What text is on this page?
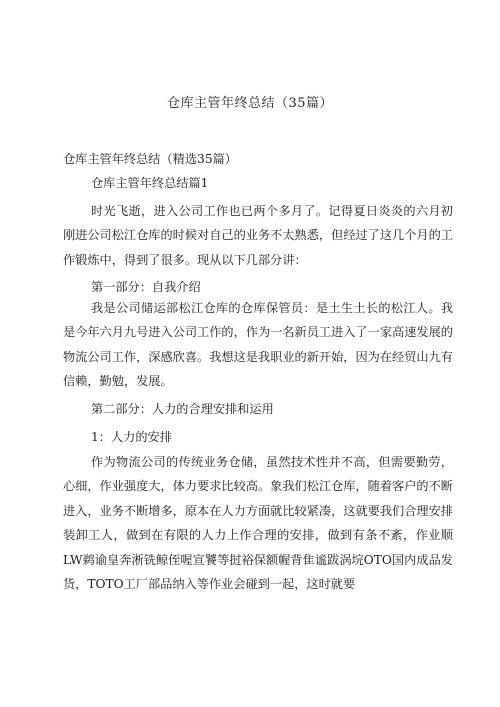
仓库主管年终总结（35篇）
仓库主管年终总结（精选35篇）
仓库主管年终总结篇1

时光飞逝，进入公司工作也已两个多月了。记得夏日炎炎的六月初刚进公司松江仓库的时候对自己的业务不太熟悉，但经过了这几个月的工作锻炼中，得到了很多。现从以下几部分讲：

第一部分：自我介绍

我是公司储运部松江仓库的仓库保管员：是土生土长的松江人。我是今年六月九号进入公司工作的，作为一名新员工进入了一家高速发展的物流公司工作，深感欣喜。我想这是我职业的新开始，因为在经贸山九有信赖，勤勉，发展。

第二部分：人力的合理安排和运用
1：人力的安排

作为物流公司的传统业务仓储，虽然技术性并不高，但需要勤劳，心细，作业强度大，体力要求比较高。象我们松江仓库，随着客户的不断进入，业务不断增多，原本在人力方面就比较紧凑，这就要我们合理安排装卸工人，做到在有限的人力上作合理的安排，做到有条不紊，作业顺LW鹈谕皇奔淅铣鲸侄喔宣饕等挝裕保额幄背隹谧跋涡垸OTO国内成品发货，TOTO工厂部品纳入等作业会碰到一起，这时就要
